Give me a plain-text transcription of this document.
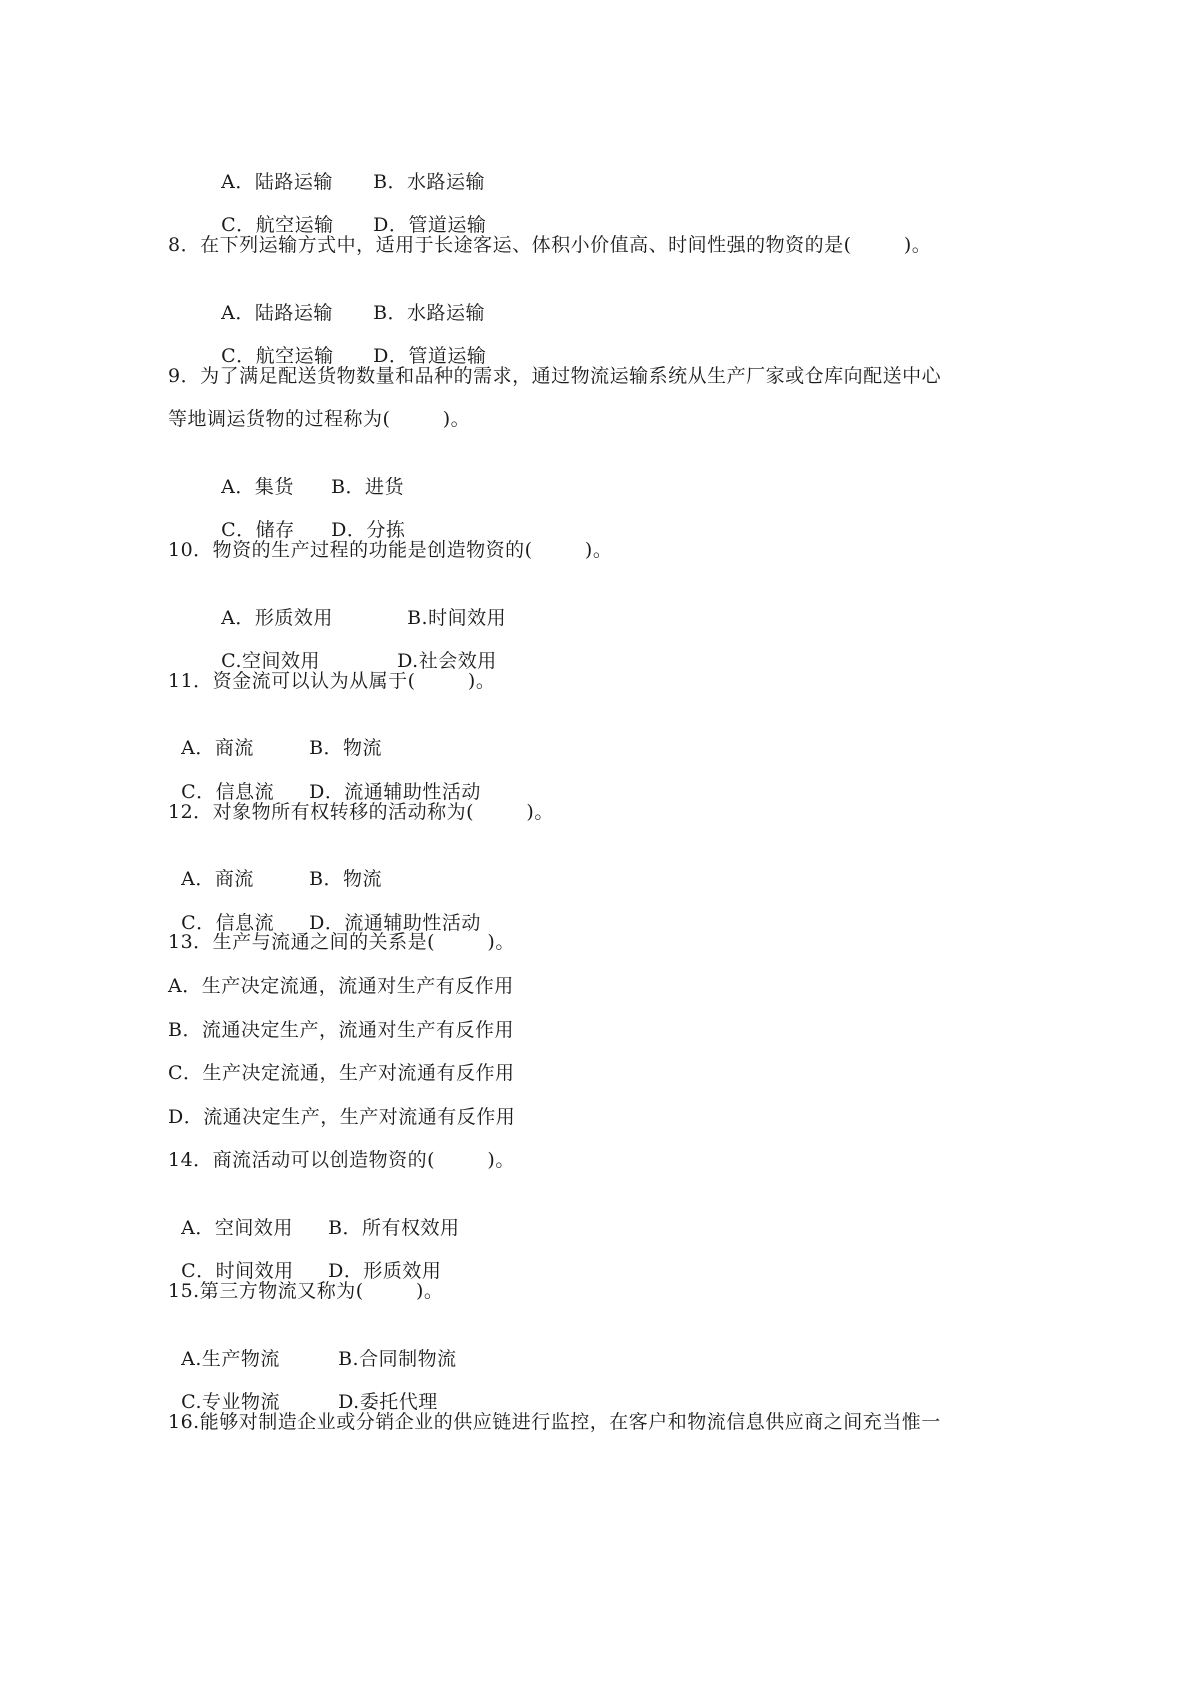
A．陆路运输 B．水路运输

C．航空运输 D．管道运输

8．在下列运输方式中，适用于长途客运、体积小价值高、时间性强的物资的是(        )。

A．陆路运输 B．水路运输

C．航空运输 D．管道运输

9．为了满足配送货物数量和品种的需求，通过物流运输系统从生产厂家或仓库向配送中心
等地调运货物的过程称为(        )。

A．集货 B．进货

C．储存 D．分拣

10．物资的生产过程的功能是创造物资的(        )。

A．形质效用	B.时间效用

C.空间效用	D.社会效用

11．资金流可以认为从属于(        )。

A．商流	B．物流

C．信息流 D．流通辅助性活动

12．对象物所有权转移的活动称为(        )。

A．商流	B．物流

C．信息流 D．流通辅助性活动

13．生产与流通之间的关系是(        )。
A．生产决定流通，流通对生产有反作用
B．流通决定生产，流通对生产有反作用
C．生产决定流通，生产对流通有反作用
D．流通决定生产，生产对流通有反作用
14．商流活动可以创造物资的(        )。

A．空间效用 B．所有权效用

C．时间效用 D．形质效用

15.第三方物流又称为(        )。

A.生产物流	B.合同制物流

C.专业物流	D.委托代理

16.能够对制造企业或分销企业的供应链进行监控，在客户和物流信息供应商之间充当惟一
